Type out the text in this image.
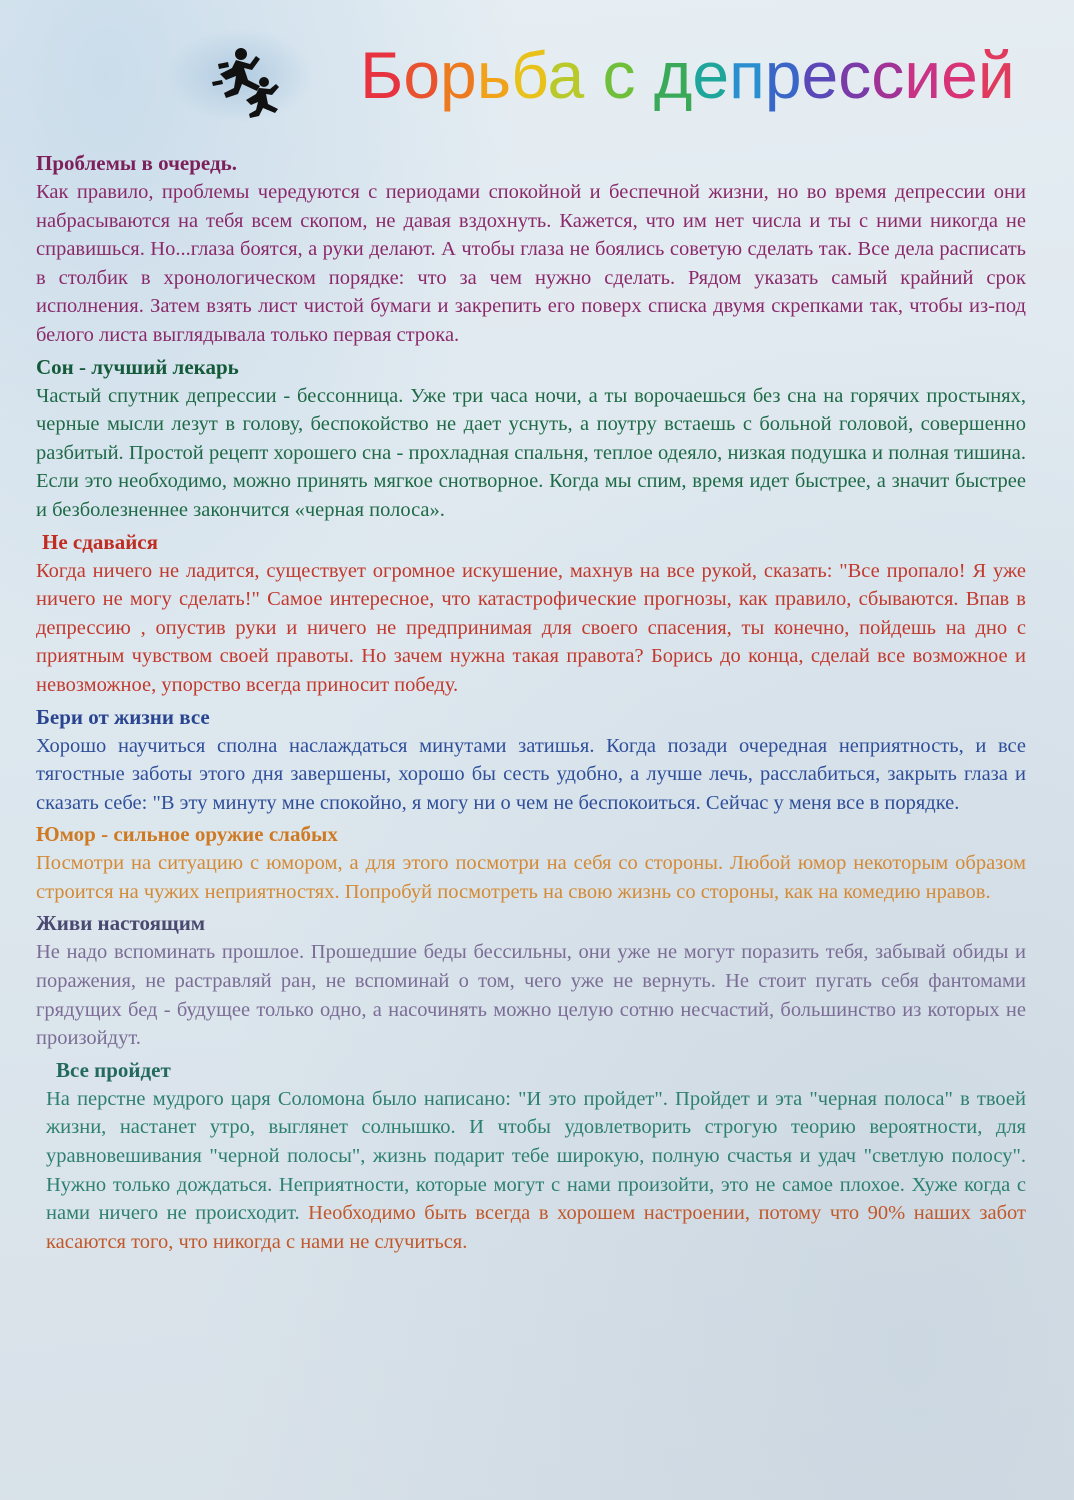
Борьба с депрессией
Проблемы в очередь.

Как правило, проблемы чередуются с периодами спокойной и беспечной жизни, но во время депрессии они набрасываются на тебя всем скопом, не давая вздохнуть. Кажется, что им нет числа и ты с ними никогда не справишься. Но...глаза боятся, а руки делают. А чтобы глаза не боялись советую сделать так. Все дела расписать в столбик в хронологическом порядке: что за чем нужно сделать. Рядом указать самый крайний срок исполнения. Затем взять лист чистой бумаги и закрепить его поверх списка двумя скрепками так, чтобы из-под белого листа выглядывала только первая строка.

Сон - лучший лекарь

Частый спутник депрессии - бессонница. Уже три часа ночи, а ты ворочаешься без сна на горячих простынях, черные мысли лезут в голову, беспокойство не дает уснуть, а поутру встаешь с больной головой, совершенно разбитый. Простой рецепт хорошего сна - прохладная спальня, теплое одеяло, низкая подушка и полная тишина. Если это необходимо, можно принять мягкое снотворное. Когда мы спим, время идет быстрее, а значит быстрее и безболезненнее закончится «черная полоса».

Не сдавайся

Когда ничего не ладится, существует огромное искушение, махнув на все рукой, сказать: "Все пропало! Я уже ничего не могу сделать!" Самое интересное, что катастрофические прогнозы, как правило, сбываются. Впав в депрессию , опустив руки и ничего не предпринимая для своего спасения, ты конечно, пойдешь на дно с приятным чувством своей правоты. Но зачем нужна такая правота? Борись до конца, сделай все возможное и невозможное, упорство всегда приносит победу.

Бери от жизни все

Хорошо научиться сполна наслаждаться минутами затишья. Когда позади очередная неприятность, и все тягостные заботы этого дня завершены, хорошо бы сесть удобно, а лучше лечь, расслабиться, закрыть глаза и сказать себе: "В эту минуту мне спокойно, я могу ни о чем не беспокоиться. Сейчас у меня все в порядке.

Юмор - сильное оружие слабых

Посмотри на ситуацию с юмором, а для этого посмотри на себя со стороны. Любой юмор некоторым образом строится на чужих неприятностях. Попробуй посмотреть на свою жизнь со стороны, как на комедию нравов.

Живи настоящим

Не надо вспоминать прошлое. Прошедшие беды бессильны, они уже не могут поразить тебя, забывай обиды и поражения, не растравляй ран, не вспоминай о том, чего уже не вернуть. Не стоит пугать себя фантомами грядущих бед - будущее только одно, а насочинять можно целую сотню несчастий, большинство из которых не произойдут.

Все пройдет

На перстне мудрого царя Соломона было написано: "И это пройдет". Пройдет и эта "черная полоса" в твоей жизни, настанет утро, выглянет солнышко. И чтобы удовлетворить строгую теорию вероятности, для уравновешивания "черной полосы", жизнь подарит тебе широкую, полную счастья и удач "светлую полосу". Нужно только дождаться. Неприятности, которые могут с нами произойти, это не самое плохое. Хуже когда с нами ничего не происходит. Необходимо быть всегда в хорошем настроении, потому что 90% наших забот касаются того, что никогда с нами не случиться.
